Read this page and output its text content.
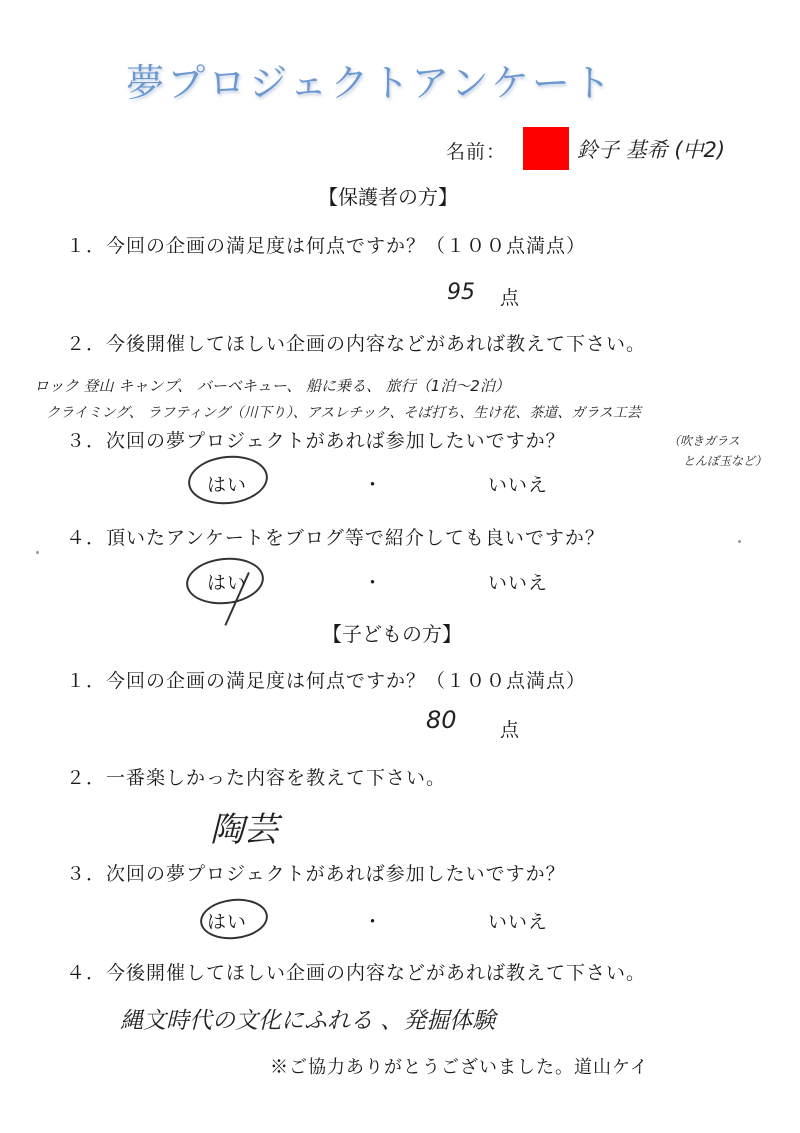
夢プロジェクトアンケート
名前：	鈴子 基希 (中2)
【保護者の方】
１．今回の企画の満足度は何点ですか？（１００点満点）
95 点
２．今後開催してほしい企画の内容などがあれば教えて下さい。
ロック 登山 キャンプ、 バーベキュー、 船に乗る、 旅行（1泊〜2泊）
クライミング、 ラフティング（川下り）、アスレチック、そば打ち、生け花、茶道、ガラス工芸
３．次回の夢プロジェクトがあれば参加したいですか？	（吹きガラス
とんぼ玉など）
はい	・	いいえ
４．頂いたアンケートをブログ等で紹介しても良いですか？
はい	・	いいえ
【子どもの方】
１．今回の企画の満足度は何点ですか？（１００点満点）
80 点
２．一番楽しかった内容を教えて下さい。
陶芸
３．次回の夢プロジェクトがあれば参加したいですか？
はい	・	いいえ
４．今後開催してほしい企画の内容などがあれば教えて下さい。
縄文時代の文化にふれる 、発掘体験
※ご協力ありがとうございました。道山ケイ
